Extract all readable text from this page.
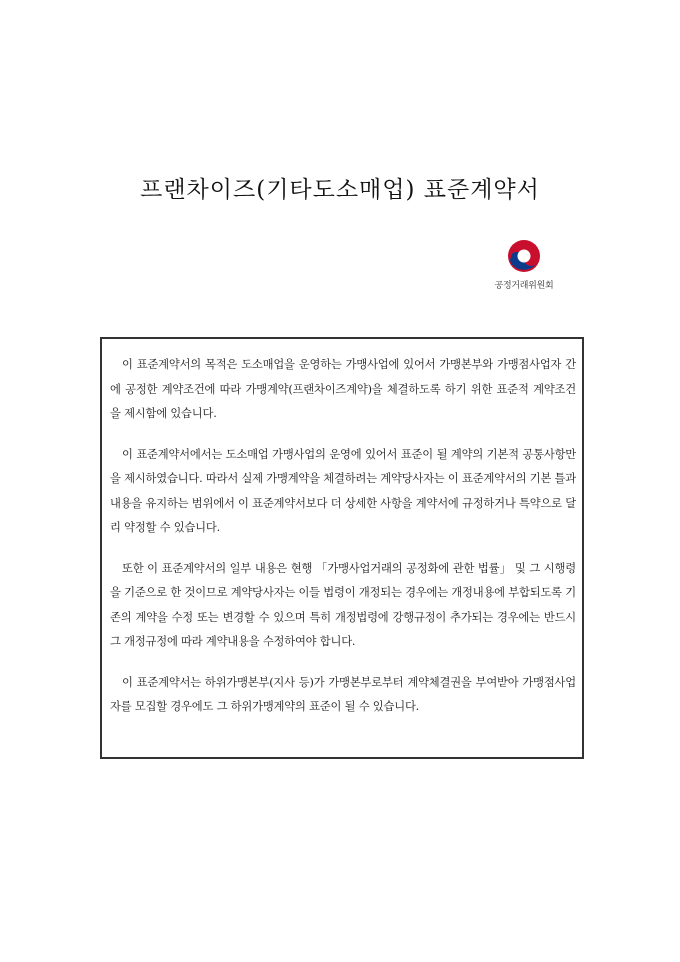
프랜차이즈(기타도소매업) 표준계약서
공정거래위원회

이 표준계약서의 목적은 도소매업을 운영하는 가맹사업에 있어서 가맹본부와 가맹점사업자 간에 공정한 계약조건에 따라 가맹계약(프랜차이즈계약)을 체결하도록 하기 위한 표준적 계약조건을 제시함에 있습니다.

이 표준계약서에서는 도소매업 가맹사업의 운영에 있어서 표준이 될 계약의 기본적 공통사항만을 제시하였습니다. 따라서 실제 가맹계약을 체결하려는 계약당사자는 이 표준계약서의 기본 틀과 내용을 유지하는 범위에서 이 표준계약서보다 더 상세한 사항을 계약서에 규정하거나 특약으로 달리 약정할 수 있습니다.

또한 이 표준계약서의 일부 내용은 현행 「가맹사업거래의 공정화에 관한 법률」 및 그 시행령을 기준으로 한 것이므로 계약당사자는 이들 법령이 개정되는 경우에는 개정내용에 부합되도록 기존의 계약을 수정 또는 변경할 수 있으며 특히 개정법령에 강행규정이 추가되는 경우에는 반드시 그 개정규정에 따라 계약내용을 수정하여야 합니다.

이 표준계약서는 하위가맹본부(지사 등)가 가맹본부로부터 계약체결권을 부여받아 가맹점사업자를 모집할 경우에도 그 하위가맹계약의 표준이 될 수 있습니다.
